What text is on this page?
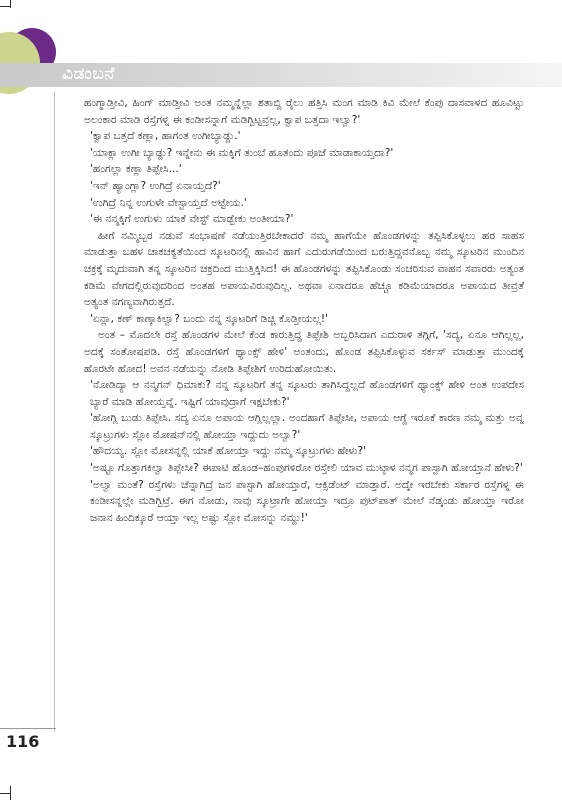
ವಿಡಂಬನೆ
116

ಹಂಗ್ಮಾಡ್ತೀವಿ, ಹಿಂಗ್ ಮಾಡ್ತೀವಿ ಅಂತ ನಮ್ಮನ್ನೆಲ್ಲಾ ಶತಾಬ್ದಿ ರೈಲು ಹತ್ತಿಸಿ ಮಂಗ ಮಾಡಿ ಕಿವಿ ಮೇಲೆ ಕೆಂಪು ದಾಸವಾಳದ ಹೂವಿಟ್ಟು ಅಲಂಕಾರ ಮಾಡಿ ರಸ್ತೆಗಳ್ನ ಈ ಕಂಡೀಸನ್ನಾಗೆ ಮಡಿಗ್ಬಿಟ್ಟವ್ರಲ್ಲ, ಕ್ವಾಪ ಬತ್ತದಾ ಇಲ್ವಾ?'

'ಕ್ವಾಪ ಬತ್ತದೆ ಕಣ್ಲಾ, ಹಾಗಂತ ಉಗೀಬ್ಯಾಡ್ದು.'

'ಯಾಕ್ಲಾ ಉಗೀ ಬ್ಯಾಡ್ದು? ಇನ್ನೇನು ಈ ಮಕ್ಕಿಗೆ ತುಂಬೆ ಹೂತಂದು ಪೂಜೆ ಮಾಡಾಕಾಯ್ತದಾ?'

'ಹಂಗಲ್ಲಾ ಕಣ್ಲಾ ತಿಪ್ಪೇಸಿ...'

'ಇನ್ ಹ್ಯಾಂಗ್ಲಾ? ಉಗಿದ್ರೆ ಏನಾಯ್ತದೆ?'

'ಉಗಿದ್ರೆ ನಿನ್ನ ಉಗುಳೇ ವೇಸ್ಟಾಯ್ತದೆ ಅಟ್ಟೇಯ.'

'ಈ ನನ್ಮಕ್ಕಿಗೆ ಉಗುಳು ಯಾಕೆ ವೇಸ್ಟ್ ಮಾಡ್ಬೇಕು ಅಂತೀಯಾ?'

ಹೀಗೆ ನಮ್ಮಿಬ್ಬರ ನಡುವೆ ಸಂಭಾಷಣೆ ನಡೆಯುತ್ತಿರಬೇಕಾದರೆ ನಮ್ಮ ಹಾಗೆಯೇ ಹೊಂಡಗಳನ್ನು ತಪ್ಪಿಸಿಕೊಳ್ಳಲು ಹರ ಸಾಹಸ ಮಾಡುತ್ತಾ ಬಹಳ ಚಾಕಚಕ್ಯತೆಯಿಂದ ಸ್ಕೂಟರಿನಲ್ಲಿ ಹಾವಿನ ಹಾಗೆ ಎದುರುಗಡೆಯಿಂದ ಬರುತ್ತಿದ್ದವನೊಬ್ಬ ನಮ್ಮ ಸ್ಕೂಟರಿನ ಮುಂದಿನ ಚಕ್ರಕ್ಕೆ ಮೃದುವಾಗಿ ತನ್ನ ಸ್ಕೂಟರಿನ ಚಕ್ರದಿಂದ ಮುತ್ತಿಕ್ಕಿಸಿದ! ಈ ಹೊಂಡಗಳನ್ನು ತಪ್ಪಿಸಿಕೊಂಡು ಸಂಚರಿಸುವ ವಾಹನ ಸವಾರರು ಅತ್ಯಂತ ಕಡಿಮೆ ವೇಗದಲ್ಲಿರುವುದರಿಂದ ಅಂತಹ ಅಪಾಯವಿರುವುದಿಲ್ಲ. ಅಥವಾ ಏನಾದರೂ ಹೆಚ್ಚೂ ಕಡಿಮೆಯಾದರೂ ಅಪಾಯದ ತೀವ್ರತೆ ಅತ್ಯಂತ ನಗಣ್ಯವಾಗಿರುತ್ತದೆ.

'ಏನ್ಲಾ, ಕಣ್ ಕಾಣ್ಕಾಕಿಲ್ವಾ? ಬಂದು ನನ್ನ ಸ್ಕೂಟರಿಗೆ ಡಿಚ್ಚಿ ಕೊಡ್ತೀಯಲ್ಲ!'

ಅಂತ – ಮೊದಲೇ ರಸ್ತೆ ಹೊಂಡಗಳ ಮೇಲೆ ಕೆಂಡ ಕಾರುತ್ತಿದ್ದ ತಿಪ್ಪೇಶಿ ಅಬ್ಬರಿಸಿದಾಗ ಎದುರಾಳಿ ತಗ್ಗಿಗೆ, 'ಸದ್ಯ, ಏನೂ ಆಗಿಲ್ಲಲ್ಲ, ಅದಕ್ಕೆ ಸಂತೋಷಪಡಿ. ರಸ್ತೆ ಹೊಂಡಗಳಿಗೆ ಥ್ಯಾಂಕ್ಸ್ ಹೇಳಿ' ಅಂತಂದು, ಹೊಂಡ ತಪ್ಪಿಸಿಕೊಳ್ಳುವ ಸರ್ಕಸ್ ಮಾಡುತ್ತಾ ಮುಂದಕ್ಕೆ ಹೊರಟೇ ಹೋದ! ಅವನ ನಡೆಯನ್ನು ನೋಡಿ ತಿಪ್ಪೇಶಿಗೆ ಉರಿದುಹೋಯಿತು.

'ನೋಡಿದ್ಯಾ ಆ ನನ್ಮಗನ್ ಧಿಮಾಕು? ನನ್ನ ಸ್ಕೂಟರಿಗೆ ತನ್ನ ಸ್ಕೂಟರು ತಾಗಿಸಿದ್ದಲ್ಲದೆ ಹೊಂಡಗಳಿಗೆ ಥ್ಯಾಂಕ್ಸ್ ಹೇಳಿ ಅಂತ ಉಪದೇಸ ಬ್ಯಾರೆ ಮಾಡಿ ಹೋಯ್ತವ್ನೆ. ಇಷ್ಟಿಗೆ ಯಾವುದ್ರಾಗೆ ಇಕ್ಷಬೇಕು?'

'ಹೋಗ್ಲಿ ಬುಡು ತಿಪ್ಪೇಸಿ. ಸದ್ಯ ಏನೂ ಅಪಾಯ ಆಗ್ಲಿಲ್ಲಲ್ಲಾ. ಅಂದಹಾಗೆ ತಿಪ್ಪೇಸೀ, ಅಪಾಯ ಆಗ್ದೆ ಇರೂಕೆ ಕಾರಣ ನಮ್ಮ ಮತ್ತು ಅವ್ನ ಸ್ಕೂಟ್ರುಗಳು ಸ್ಲೋ ಮೋಷನ್‌ನಲ್ಲಿ ಹೋಯ್ತಾ ಇದ್ದುದು ಅಲ್ವಾ?'

'ಹೌದಯ್ಯ. ಸ್ಲೋ ಮೋಸನ್ನಲ್ಲಿ ಯಾಕೆ ಹೋಯ್ತಾ ಇದ್ದು ನಮ್ಮ ಸ್ಕೂಟ್ರುಗಳು ಹೇಳು?'

'ಅಷ್ಟೂ ಗೊತ್ತಾಗಕಿಲ್ವಾ ತಿಪ್ಪೇಸೀ? ಈಪಾಟಿ ಹೊಂಡ–ಹಂಪುಗಳಿರೋ ರಸ್ತೇಲಿ ಯಾವ ಮುಟ್ಠಾಳ ನನ್ಮಗ ಪಾಸ್ಟಾಗಿ ಹೋಯ್ತಾನೆ ಹೇಳು?'

'ಅಲ್ವಾ ಮಂತೆ? ರಸ್ತೆಗಳು ಚೆನ್ನಾಗಿದ್ರೆ ಜನ ಪಾಸ್ಟಾಗಿ ಹೋಯ್ತಾರೆ, ಆಕ್ಸಿಡೆಂಟ್ ಮಾಡ್ತಾರೆ. ಅದ್ಕೇ ಇರಬೇಕು ಸರ್ಕಾರ ರಸ್ತೆಗಳ್ನ ಈ ಕಂಡೀಸನ್ನಲ್ಲೇ ಮಡಿಗ್ಬಿಟ್ರೆ. ಈಗ ನೋಡು, ನಾವು ಸ್ಕೂಟ್ರಾಗೇ ಹೋಯ್ತಾ ಇದ್ರೂ ಪುಟ್‌ಪಾತ್ ಮೇಲೆ ನೆಡ್ಕಂಡು ಹೋಯ್ತಾ ಇರೋ ಜನಾನ ಹಿಂದಿಕ್ಕೂರೆ ಆಯ್ತಾ ಇಲ್ಲ ಅಷ್ಟು ಸ್ಲೋ ಮೋಸನ್ನು ನಮ್ದು!'
